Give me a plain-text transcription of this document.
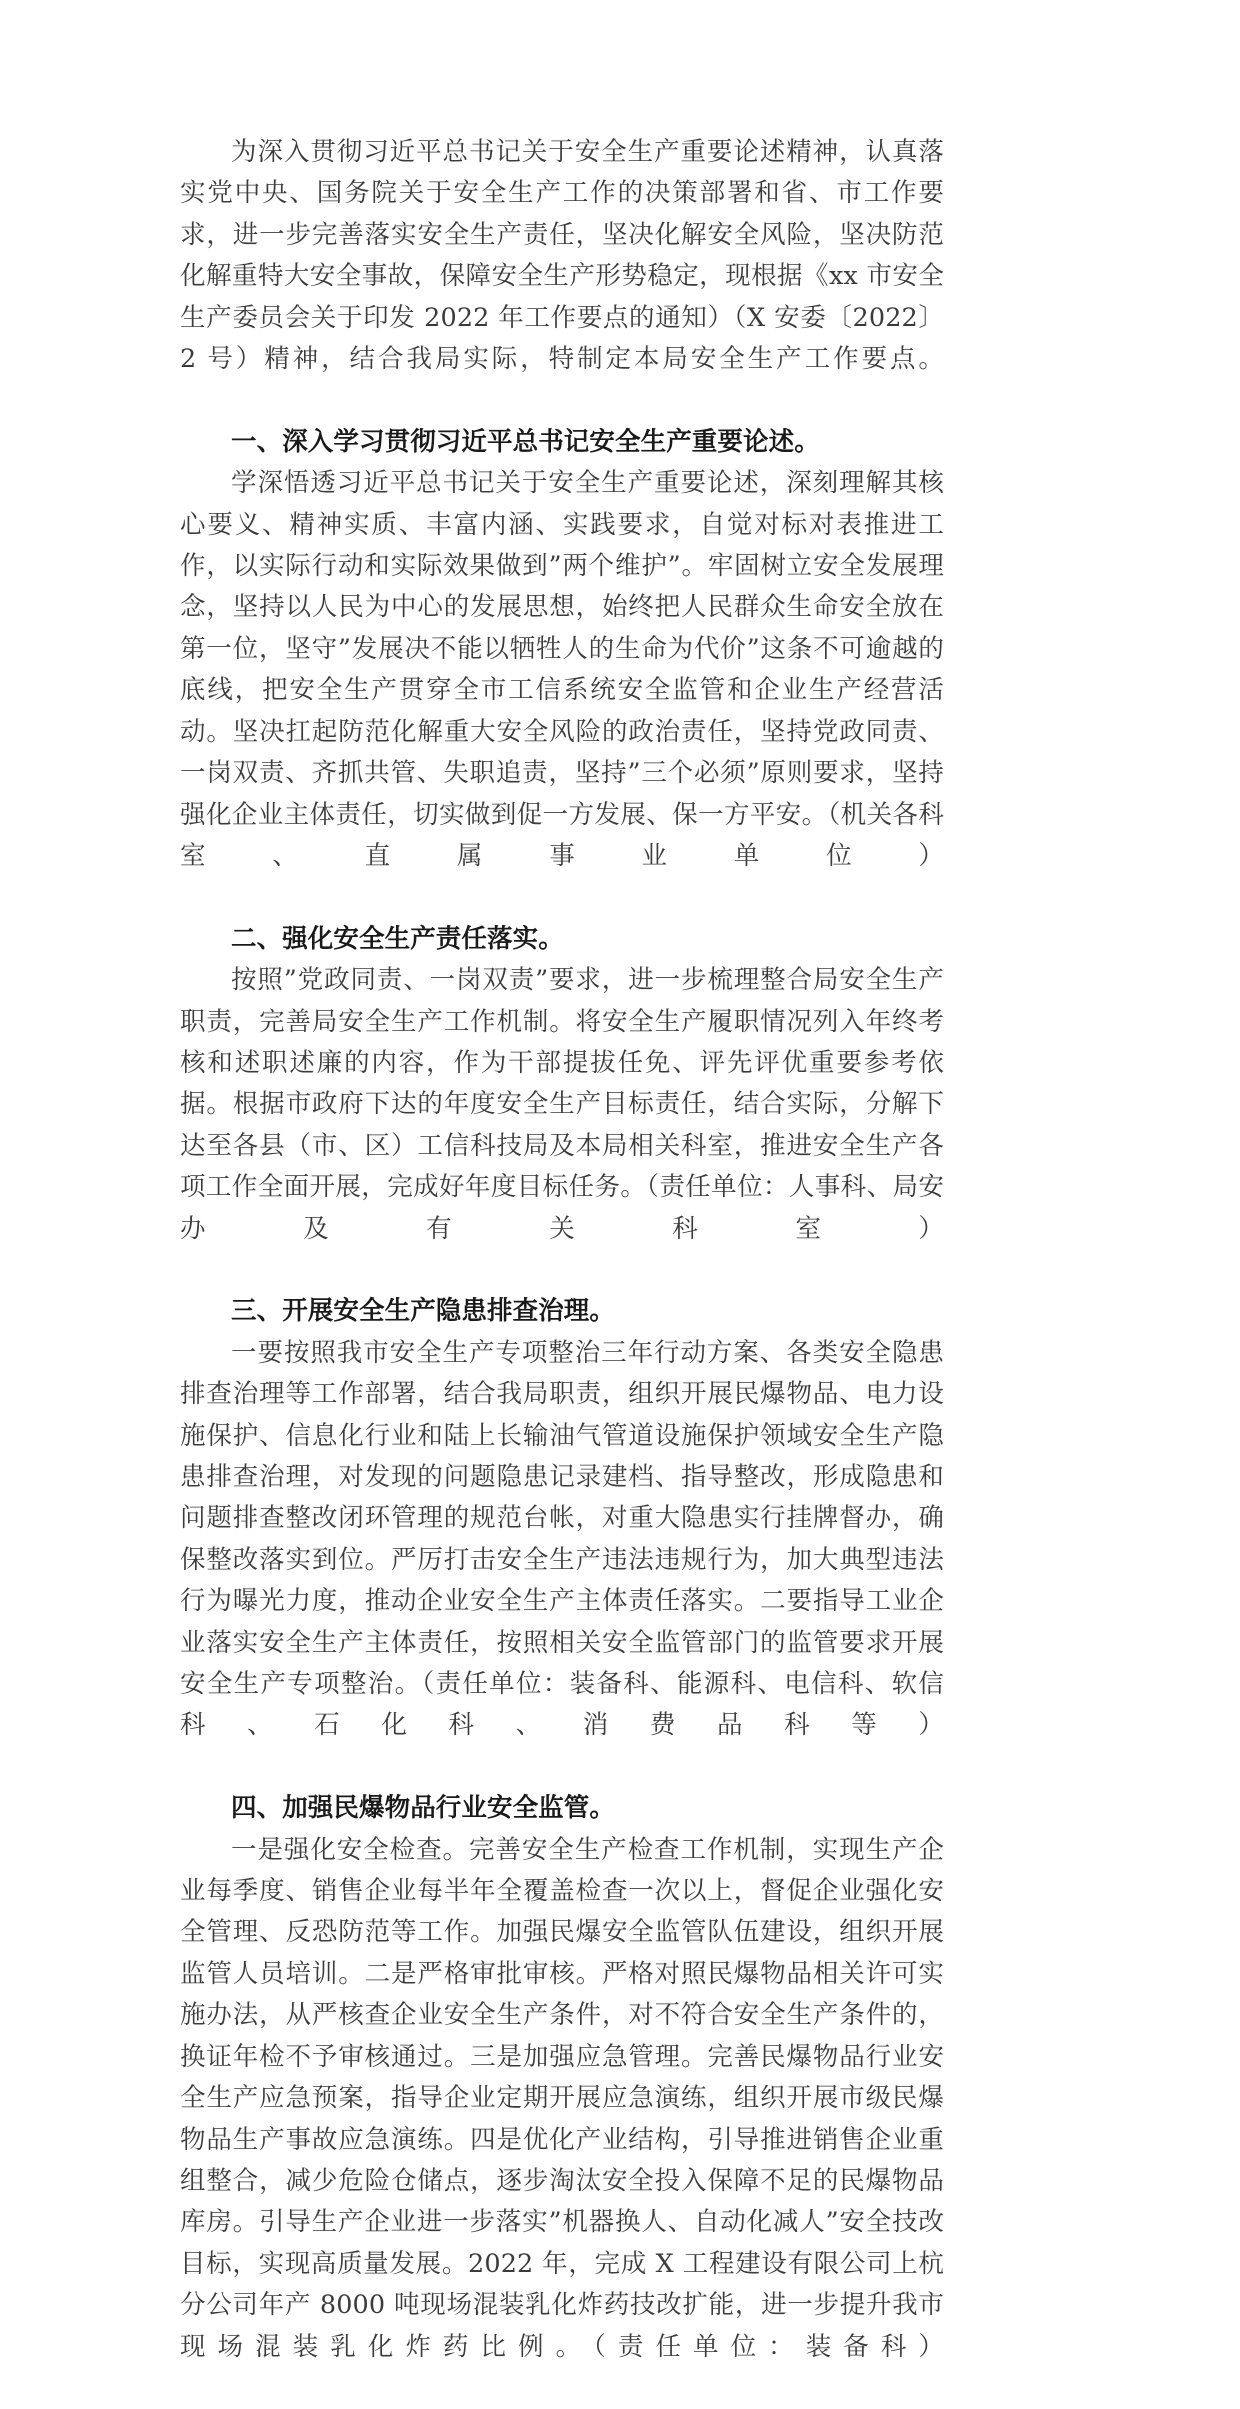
为深入贯彻习近平总书记关于安全生产重要论述精神，认真落实党中央、国务院关于安全生产工作的决策部署和省、市工作要求，进一步完善落实安全生产责任，坚决化解安全风险，坚决防范化解重特大安全事故，保障安全生产形势稳定，现根据《xx 市安全生产委员会关于印发 2022 年工作要点的通知）（X 安委〔2022〕2 号）精神，结合我局实际，特制定本局安全生产工作要点。

一、深入学习贯彻习近平总书记安全生产重要论述。

学深悟透习近平总书记关于安全生产重要论述，深刻理解其核心要义、精神实质、丰富内涵、实践要求，自觉对标对表推进工作，以实际行动和实际效果做到”两个维护”。牢固树立安全发展理念，坚持以人民为中心的发展思想，始终把人民群众生命安全放在第一位，坚守”发展决不能以牺牲人的生命为代价”这条不可逾越的底线，把安全生产贯穿全市工信系统安全监管和企业生产经营活动。坚决扛起防范化解重大安全风险的政治责任，坚持党政同责、一岗双责、齐抓共管、失职追责，坚持”三个必须”原则要求，坚持强化企业主体责任，切实做到促一方发展、保一方平安。（机关各科室、直属事业单位）

二、强化安全生产责任落实。

按照”党政同责、一岗双责”要求，进一步梳理整合局安全生产职责，完善局安全生产工作机制。将安全生产履职情况列入年终考核和述职述廉的内容，作为干部提拔任免、评先评优重要参考依据。根据市政府下达的年度安全生产目标责任，结合实际，分解下达至各县（市、区）工信科技局及本局相关科室，推进安全生产各项工作全面开展，完成好年度目标任务。（责任单位：人事科、局安办及有关科室）

三、开展安全生产隐患排查治理。

一要按照我市安全生产专项整治三年行动方案、各类安全隐患排查治理等工作部署，结合我局职责，组织开展民爆物品、电力设施保护、信息化行业和陆上长输油气管道设施保护领域安全生产隐患排查治理，对发现的问题隐患记录建档、指导整改，形成隐患和问题排查整改闭环管理的规范台帐，对重大隐患实行挂牌督办，确保整改落实到位。严厉打击安全生产违法违规行为，加大典型违法行为曝光力度，推动企业安全生产主体责任落实。二要指导工业企业落实安全生产主体责任，按照相关安全监管部门的监管要求开展安全生产专项整治。（责任单位：装备科、能源科、电信科、软信科、石化科、消费品科等）

四、加强民爆物品行业安全监管。

一是强化安全检查。完善安全生产检查工作机制，实现生产企业每季度、销售企业每半年全覆盖检查一次以上，督促企业强化安全管理、反恐防范等工作。加强民爆安全监管队伍建设，组织开展监管人员培训。二是严格审批审核。严格对照民爆物品相关许可实施办法，从严核查企业安全生产条件，对不符合安全生产条件的，换证年检不予审核通过。三是加强应急管理。完善民爆物品行业安全生产应急预案，指导企业定期开展应急演练，组织开展市级民爆物品生产事故应急演练。四是优化产业结构，引导推进销售企业重组整合，减少危险仓储点，逐步淘汰安全投入保障不足的民爆物品库房。引导生产企业进一步落实”机器换人、自动化减人”安全技改目标，实现高质量发展。2022 年，完成 X 工程建设有限公司上杭分公司年产 8000 吨现场混装乳化炸药技改扩能，进一步提升我市现场混装乳化炸药比例。（责任单位：装备科）
